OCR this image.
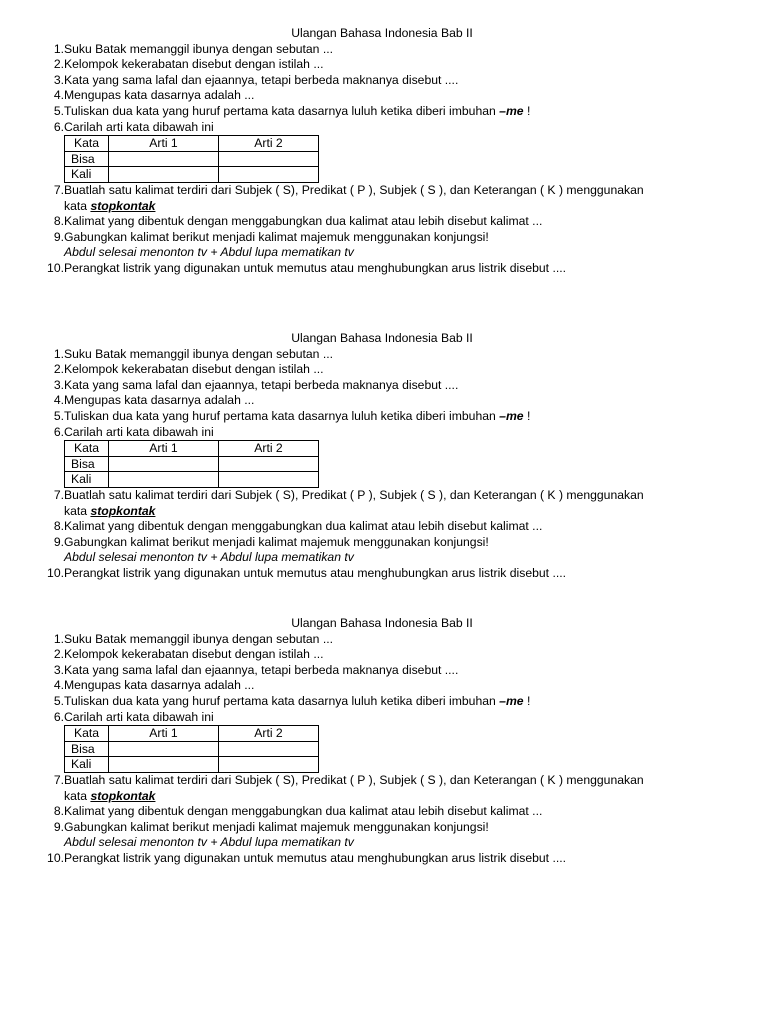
Ulangan Bahasa Indonesia Bab II
1. Suku Batak memanggil ibunya dengan sebutan ...
2. Kelompok kekerabatan disebut dengan istilah ...
3. Kata yang sama lafal dan ejaannya, tetapi berbeda maknanya disebut ....
4. Mengupas kata dasarnya adalah ...
5. Tuliskan dua kata yang huruf pertama kata dasarnya luluh ketika diberi imbuhan –me !
6. Carilah arti kata dibawah ini
Kata	Arti 1	Arti 2
Bisa		
Kali		
7. Buatlah satu kalimat terdiri dari Subjek ( S), Predikat ( P ), Subjek ( S ), dan Keterangan ( K ) menggunakan
kata stopkontak
8. Kalimat yang dibentuk dengan menggabungkan dua kalimat atau lebih disebut kalimat ...
9. Gabungkan kalimat berikut menjadi kalimat majemuk menggunakan konjungsi!
Abdul selesai menonton tv + Abdul lupa mematikan tv
10. Perangkat listrik yang digunakan untuk memutus atau menghubungkan arus listrik disebut ....
Ulangan Bahasa Indonesia Bab II
1. Suku Batak memanggil ibunya dengan sebutan ...
2. Kelompok kekerabatan disebut dengan istilah ...
3. Kata yang sama lafal dan ejaannya, tetapi berbeda maknanya disebut ....
4. Mengupas kata dasarnya adalah ...
5. Tuliskan dua kata yang huruf pertama kata dasarnya luluh ketika diberi imbuhan –me !
6. Carilah arti kata dibawah ini
Kata	Arti 1	Arti 2
Bisa		
Kali		
7. Buatlah satu kalimat terdiri dari Subjek ( S), Predikat ( P ), Subjek ( S ), dan Keterangan ( K ) menggunakan
kata stopkontak
8. Kalimat yang dibentuk dengan menggabungkan dua kalimat atau lebih disebut kalimat ...
9. Gabungkan kalimat berikut menjadi kalimat majemuk menggunakan konjungsi!
Abdul selesai menonton tv + Abdul lupa mematikan tv
10. Perangkat listrik yang digunakan untuk memutus atau menghubungkan arus listrik disebut ....
Ulangan Bahasa Indonesia Bab II
1. Suku Batak memanggil ibunya dengan sebutan ...
2. Kelompok kekerabatan disebut dengan istilah ...
3. Kata yang sama lafal dan ejaannya, tetapi berbeda maknanya disebut ....
4. Mengupas kata dasarnya adalah ...
5. Tuliskan dua kata yang huruf pertama kata dasarnya luluh ketika diberi imbuhan –me !
6. Carilah arti kata dibawah ini
Kata	Arti 1	Arti 2
Bisa		
Kali		
7. Buatlah satu kalimat terdiri dari Subjek ( S), Predikat ( P ), Subjek ( S ), dan Keterangan ( K ) menggunakan
kata stopkontak
8. Kalimat yang dibentuk dengan menggabungkan dua kalimat atau lebih disebut kalimat ...
9. Gabungkan kalimat berikut menjadi kalimat majemuk menggunakan konjungsi!
Abdul selesai menonton tv + Abdul lupa mematikan tv
10. Perangkat listrik yang digunakan untuk memutus atau menghubungkan arus listrik disebut ....
